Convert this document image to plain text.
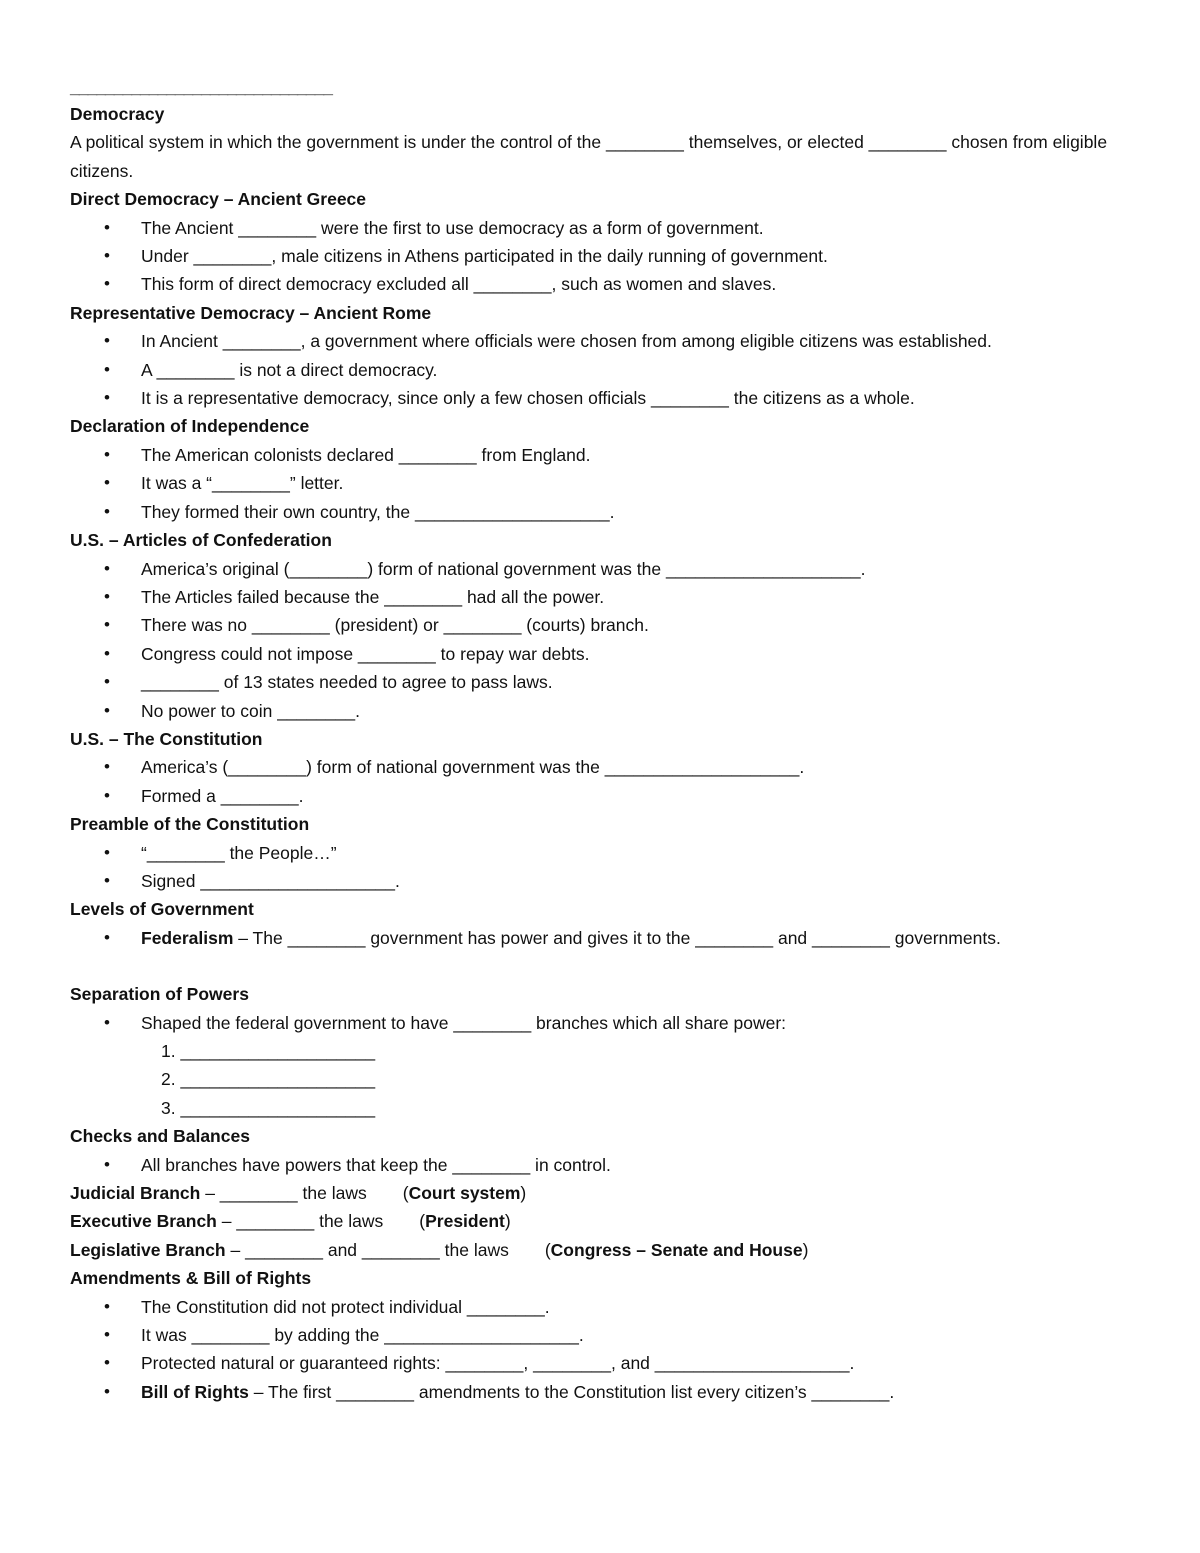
______________________________
Democracy
A political system in which the government is under the control of the ________ themselves, or elected ________ chosen from eligible citizens.
Direct Democracy – Ancient Greece
• The Ancient ________ were the first to use democracy as a form of government.
• Under ________, male citizens in Athens participated in the daily running of government.
• This form of direct democracy excluded all ________, such as women and slaves.
Representative Democracy – Ancient Rome
• In Ancient ________, a government where officials were chosen from among eligible citizens was established.
• A ________ is not a direct democracy.
• It is a representative democracy, since only a few chosen officials ________ the citizens as a whole.
Declaration of Independence
• The American colonists declared ________ from England.
• It was a “________” letter.
• They formed their own country, the ____________________.
U.S. – Articles of Confederation
• America’s original (________) form of national government was the ____________________.
• The Articles failed because the ________ had all the power.
• There was no ________ (president) or ________ (courts) branch.
• Congress could not impose ________ to repay war debts.
• ________ of 13 states needed to agree to pass laws.
• No power to coin ________.
U.S. – The Constitution
• America’s (________) form of national government was the ____________________.
• Formed a ________.
Preamble of the Constitution
• “________ the People…”
• Signed ____________________.
Levels of Government
• Federalism – The ________ government has power and gives it to the ________ and ________ governments.
Separation of Powers
• Shaped the federal government to have ________ branches which all share power:
1. ____________________
2. ____________________
3. ____________________
Checks and Balances
• All branches have powers that keep the ________ in control.
Judicial Branch – ________ the laws (Court system)
Executive Branch – ________ the laws (President)
Legislative Branch – ________ and ________ the laws (Congress – Senate and House)
Amendments & Bill of Rights
• The Constitution did not protect individual ________.
• It was ________ by adding the ____________________.
• Protected natural or guaranteed rights: ________, ________, and ____________________.
• Bill of Rights – The first ________ amendments to the Constitution list every citizen’s ________.
